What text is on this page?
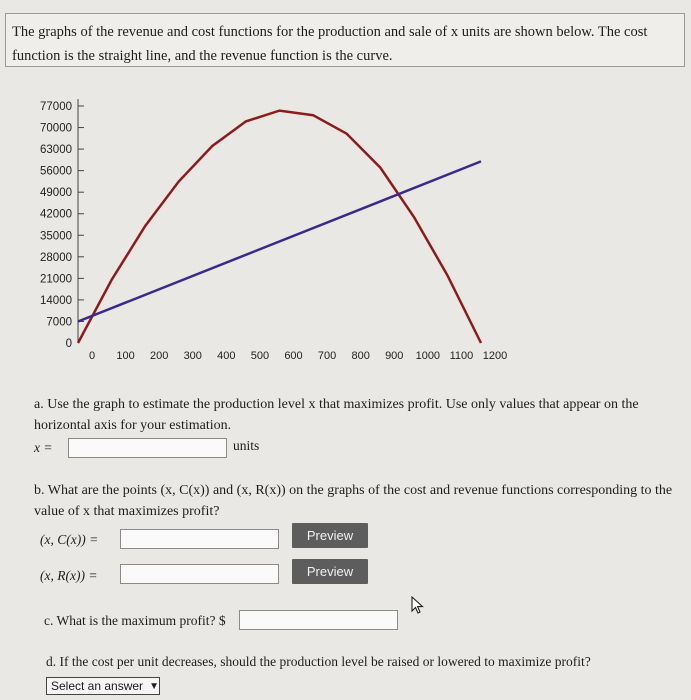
The graphs of the revenue and cost functions for the production and sale of x units are shown below. The cost function is the straight line, and the revenue function is the curve.

0
7000
14000
21000
28000
35000
42000
49000
56000
63000
70000
77000
0 100 200 300 400 500 600 700 800 900 1000 1100 1200

a. Use the graph to estimate the production level x that maximizes profit. Use only values that appear on the horizontal axis for your estimation.

x =	units

b. What are the points (x, C(x)) and (x, R(x)) on the graphs of the cost and revenue functions corresponding to the value of x that maximizes profit?

(x, C(x)) =	Preview
(x, R(x)) =	Preview
c. What is the maximum profit? $
d. If the cost per unit decreases, should the production level be raised or lowered to maximize profit?
Select an answer ▼
